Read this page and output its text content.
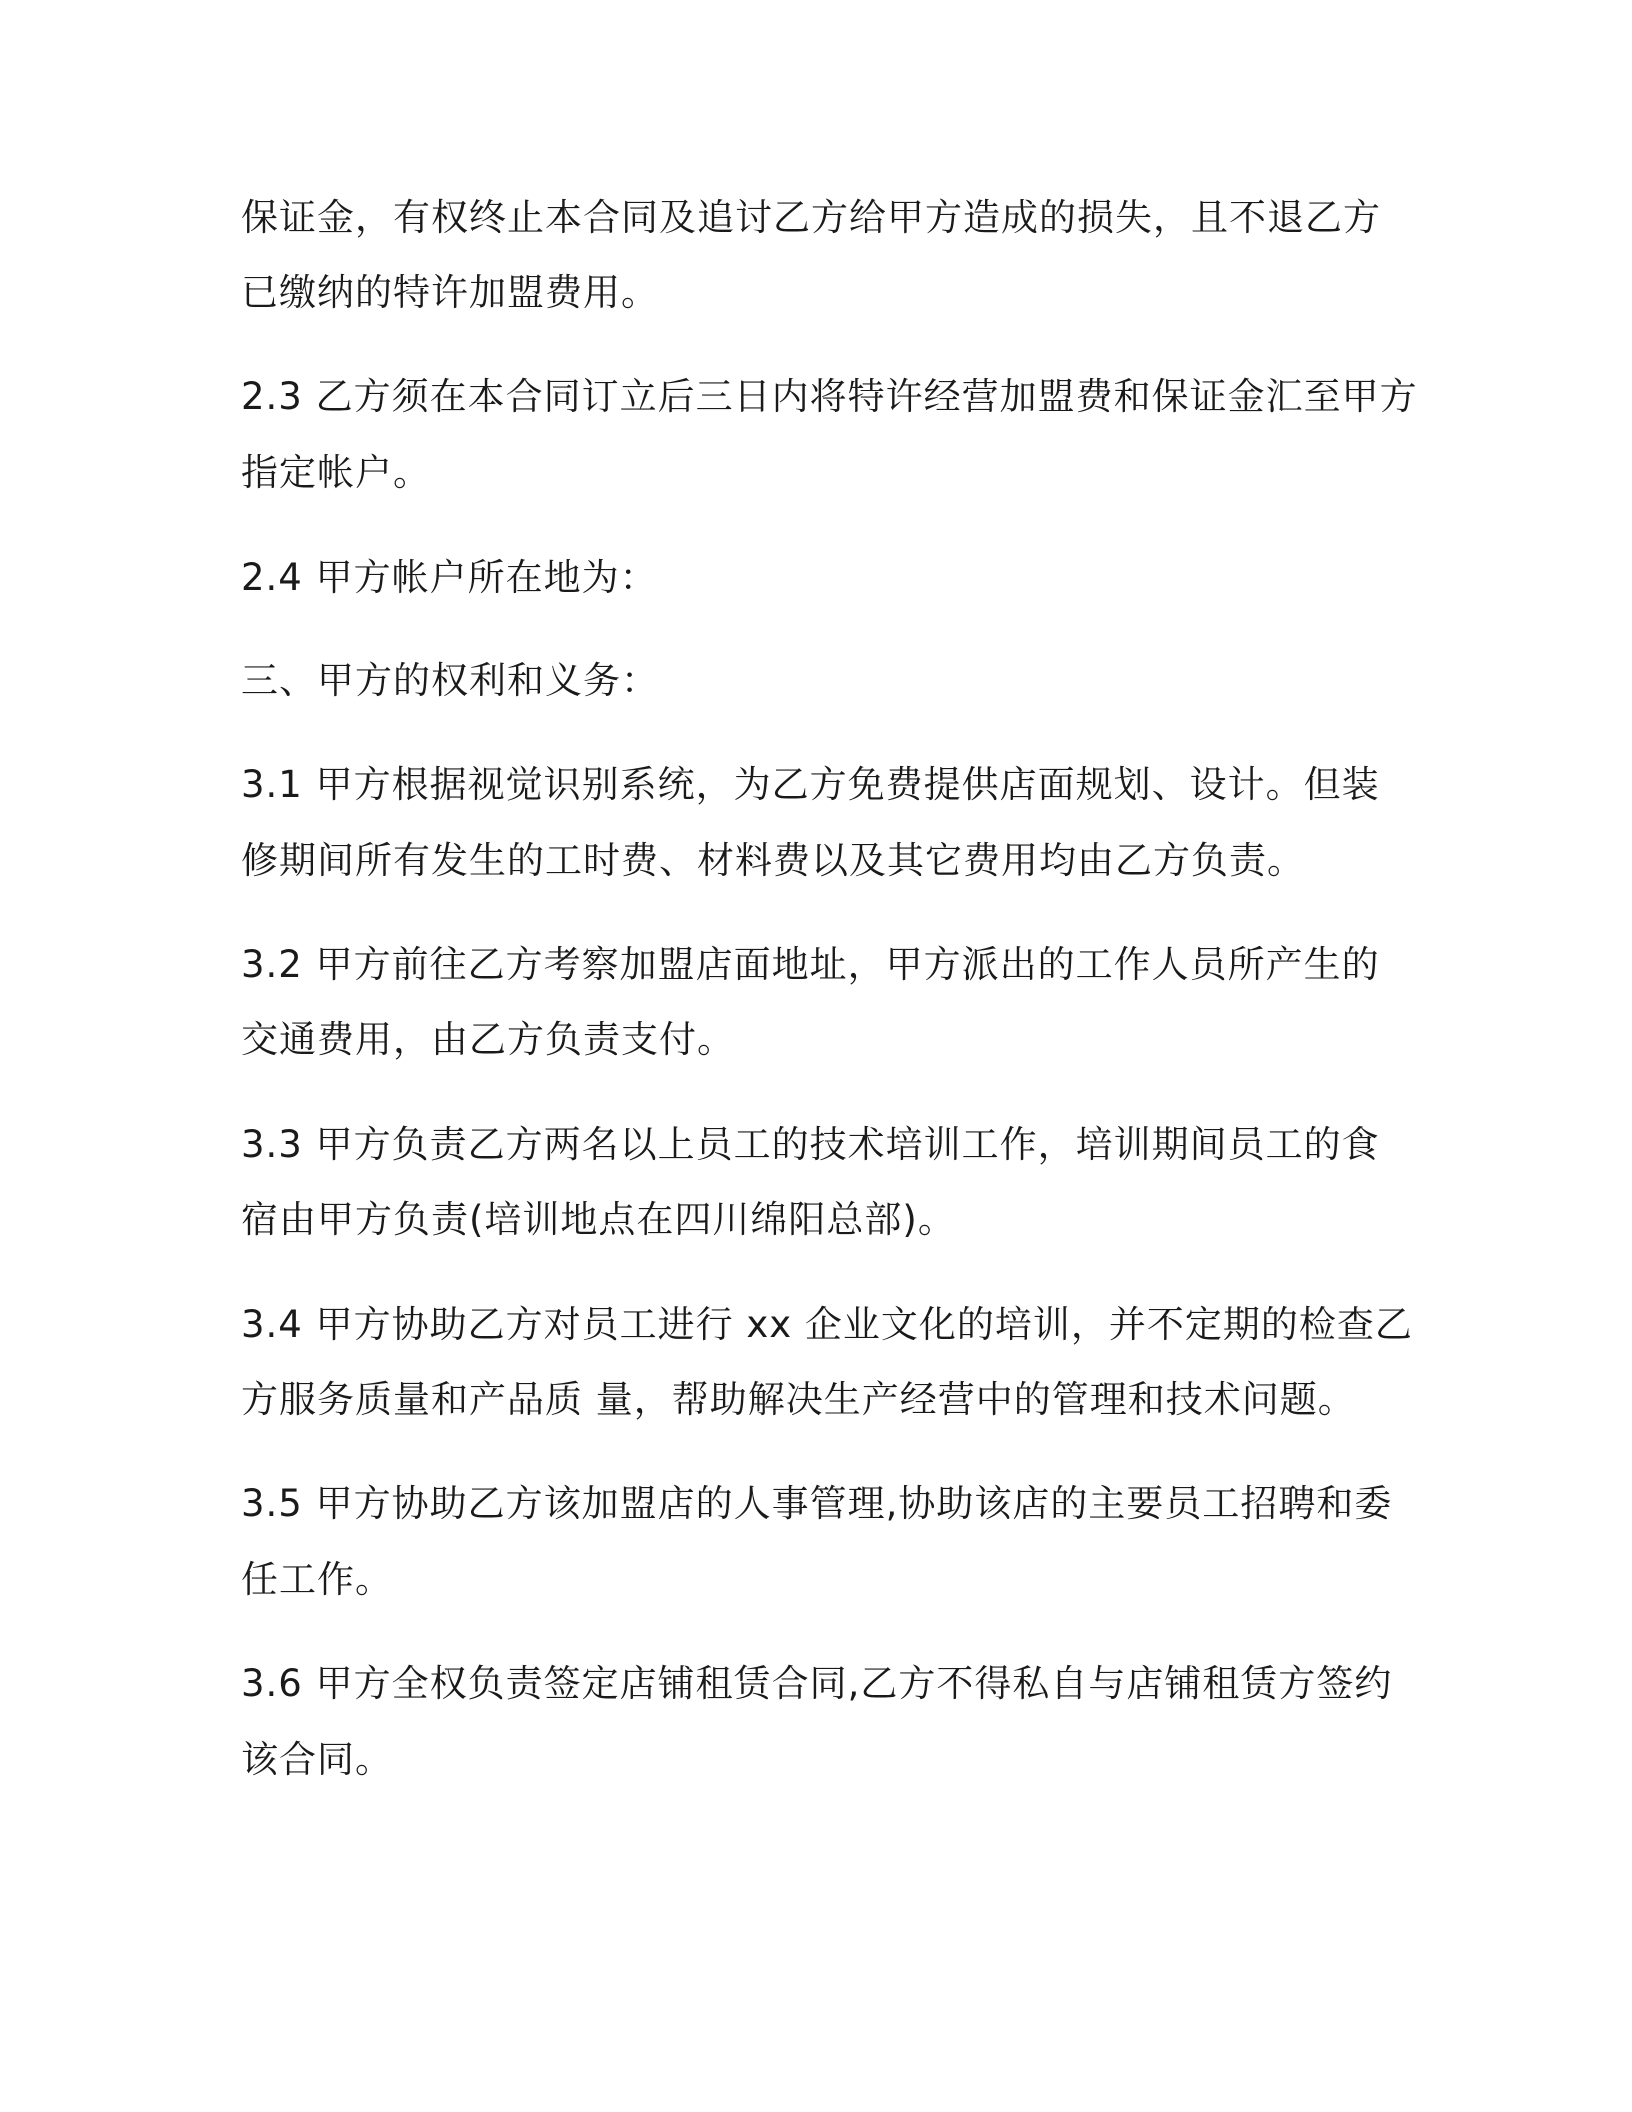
保证金，有权终止本合同及追讨乙方给甲方造成的损失，且不退乙方
已缴纳的特许加盟费用。
2.3 乙方须在本合同订立后三日内将特许经营加盟费和保证金汇至甲方
指定帐户。
2.4 甲方帐户所在地为：
三、甲方的权利和义务：
3.1 甲方根据视觉识别系统，为乙方免费提供店面规划、设计。但装
修期间所有发生的工时费、材料费以及其它费用均由乙方负责。
3.2 甲方前往乙方考察加盟店面地址，甲方派出的工作人员所产生的
交通费用，由乙方负责支付。
3.3 甲方负责乙方两名以上员工的技术培训工作，培训期间员工的食
宿由甲方负责(培训地点在四川绵阳总部)。
3.4 甲方协助乙方对员工进行 xx 企业文化的培训，并不定期的检查乙
方服务质量和产品质 量，帮助解决生产经营中的管理和技术问题。
3.5 甲方协助乙方该加盟店的人事管理,协助该店的主要员工招聘和委
任工作。
3.6 甲方全权负责签定店铺租赁合同,乙方不得私自与店铺租赁方签约
该合同。
